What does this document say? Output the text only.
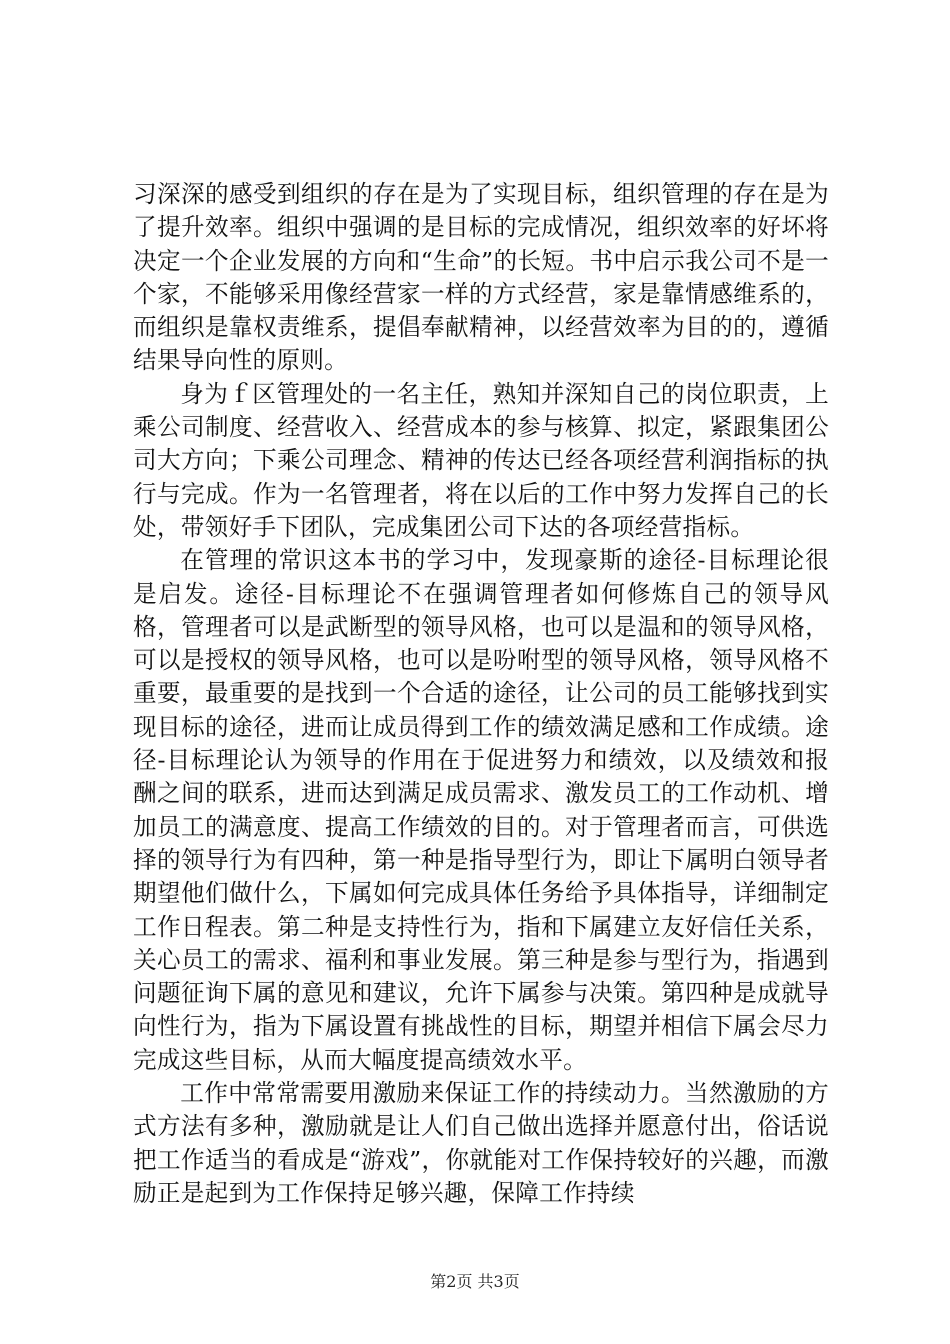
习深深的感受到组织的存在是为了实现目标，组织管理的存在是为了提升效率。组织中强调的是目标的完成情况，组织效率的好坏将决定一个企业发展的方向和“生命”的长短。书中启示我公司不是一个家，不能够采用像经营家一样的方式经营，家是靠情感维系的，而组织是靠权责维系，提倡奉献精神，以经营效率为目的的，遵循结果导向性的原则。

身为ｆ区管理处的一名主任，熟知并深知自己的岗位职责，上乘公司制度、经营收入、经营成本的参与核算、拟定，紧跟集团公司大方向；下乘公司理念、精神的传达已经各项经营利润指标的执行与完成。作为一名管理者，将在以后的工作中努力发挥自己的长处，带领好手下团队，完成集团公司下达的各项经营指标。

在管理的常识这本书的学习中，发现豪斯的途径-目标理论很是启发。途径-目标理论不在强调管理者如何修炼自己的领导风格，管理者可以是武断型的领导风格，也可以是温和的领导风格，可以是授权的领导风格，也可以是吩咐型的领导风格，领导风格不重要，最重要的是找到一个合适的途径，让公司的员工能够找到实现目标的途径，进而让成员得到工作的绩效满足感和工作成绩。途径-目标理论认为领导的作用在于促进努力和绩效，以及绩效和报酬之间的联系，进而达到满足成员需求、激发员工的工作动机、增加员工的满意度、提高工作绩效的目的。对于管理者而言，可供选择的领导行为有四种，第一种是指导型行为，即让下属明白领导者期望他们做什么，下属如何完成具体任务给予具体指导，详细制定工作日程表。第二种是支持性行为，指和下属建立友好信任关系，关心员工的需求、福利和事业发展。第三种是参与型行为，指遇到问题征询下属的意见和建议，允许下属参与决策。第四种是成就导向性行为，指为下属设置有挑战性的目标，期望并相信下属会尽力完成这些目标，从而大幅度提高绩效水平。

工作中常常需要用激励来保证工作的持续动力。当然激励的方式方法有多种，激励就是让人们自己做出选择并愿意付出，俗话说把工作适当的看成是“游戏”，你就能对工作保持较好的兴趣，而激励正是起到为工作保持足够兴趣，保障工作持续

第2页 共3页
